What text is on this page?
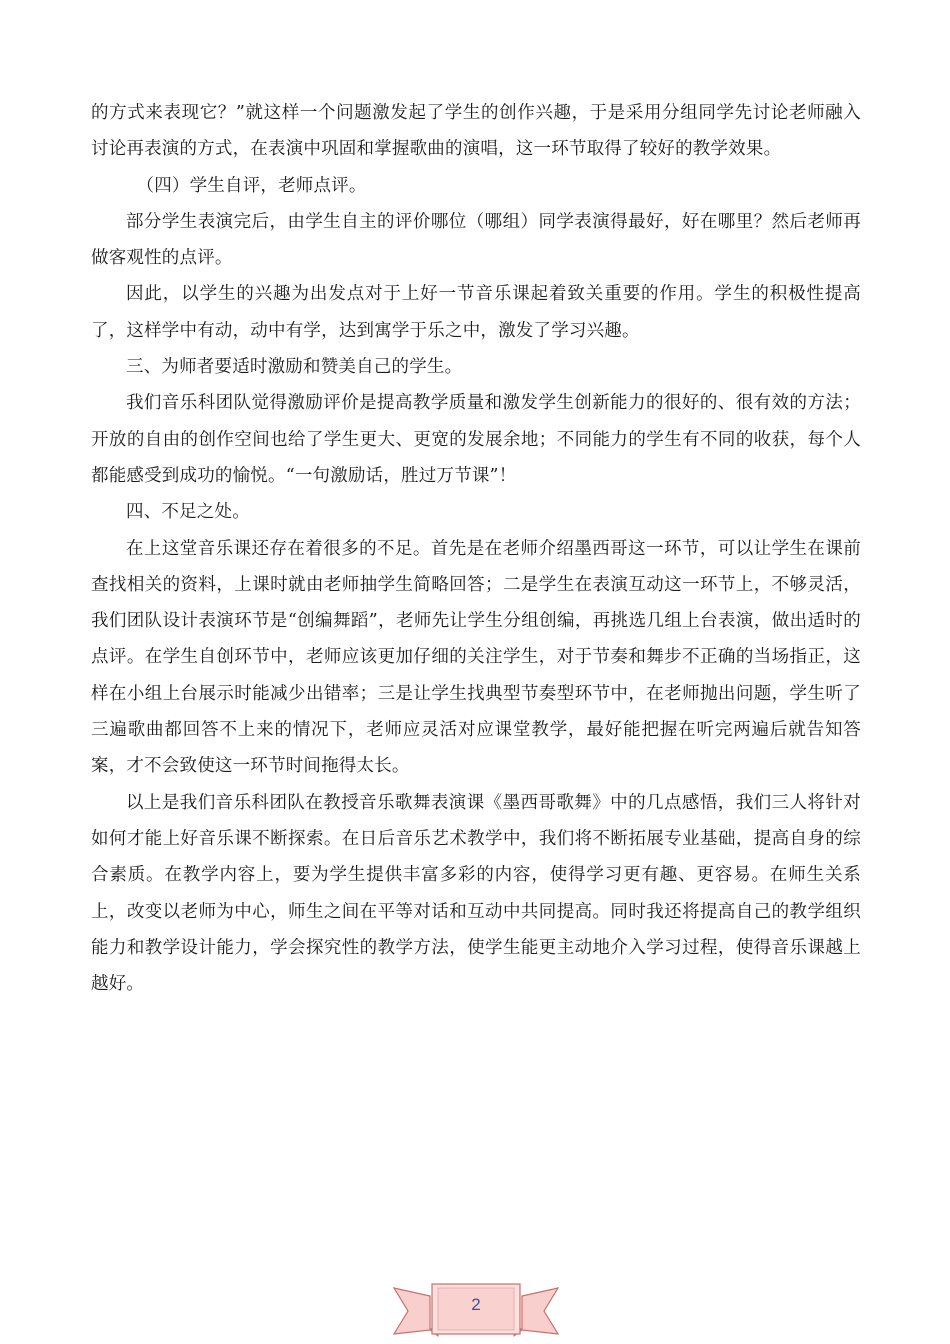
的方式来表现它？”就这样一个问题激发起了学生的创作兴趣，于是采用分组同学先讨论老师融入讨论再表演的方式，在表演中巩固和掌握歌曲的演唱，这一环节取得了较好的教学效果。

（四）学生自评，老师点评。

部分学生表演完后，由学生自主的评价哪位（哪组）同学表演得最好，好在哪里？然后老师再做客观性的点评。

因此，以学生的兴趣为出发点对于上好一节音乐课起着致关重要的作用。学生的积极性提高了，这样学中有动，动中有学，达到寓学于乐之中，激发了学习兴趣。

三、为师者要适时激励和赞美自己的学生。

我们音乐科团队觉得激励评价是提高教学质量和激发学生创新能力的很好的、很有效的方法；开放的自由的创作空间也给了学生更大、更宽的发展余地；不同能力的学生有不同的收获，每个人都能感受到成功的愉悦。“一句激励话，胜过万节课”！

四、不足之处。

在上这堂音乐课还存在着很多的不足。首先是在老师介绍墨西哥这一环节，可以让学生在课前查找相关的资料，上课时就由老师抽学生简略回答；二是学生在表演互动这一环节上，不够灵活，我们团队设计表演环节是“创编舞蹈”，老师先让学生分组创编，再挑选几组上台表演，做出适时的点评。在学生自创环节中，老师应该更加仔细的关注学生，对于节奏和舞步不正确的当场指正，这样在小组上台展示时能减少出错率；三是让学生找典型节奏型环节中，在老师抛出问题，学生听了三遍歌曲都回答不上来的情况下，老师应灵活对应课堂教学，最好能把握在听完两遍后就告知答案，才不会致使这一环节时间拖得太长。

以上是我们音乐科团队在教授音乐歌舞表演课《墨西哥歌舞》中的几点感悟，我们三人将针对如何才能上好音乐课不断探索。在日后音乐艺术教学中，我们将不断拓展专业基础，提高自身的综合素质。在教学内容上，要为学生提供丰富多彩的内容，使得学习更有趣、更容易。在师生关系上，改变以老师为中心，师生之间在平等对话和互动中共同提高。同时我还将提高自己的教学组织能力和教学设计能力，学会探究性的教学方法，使学生能更主动地介入学习过程，使得音乐课越上越好。

2
